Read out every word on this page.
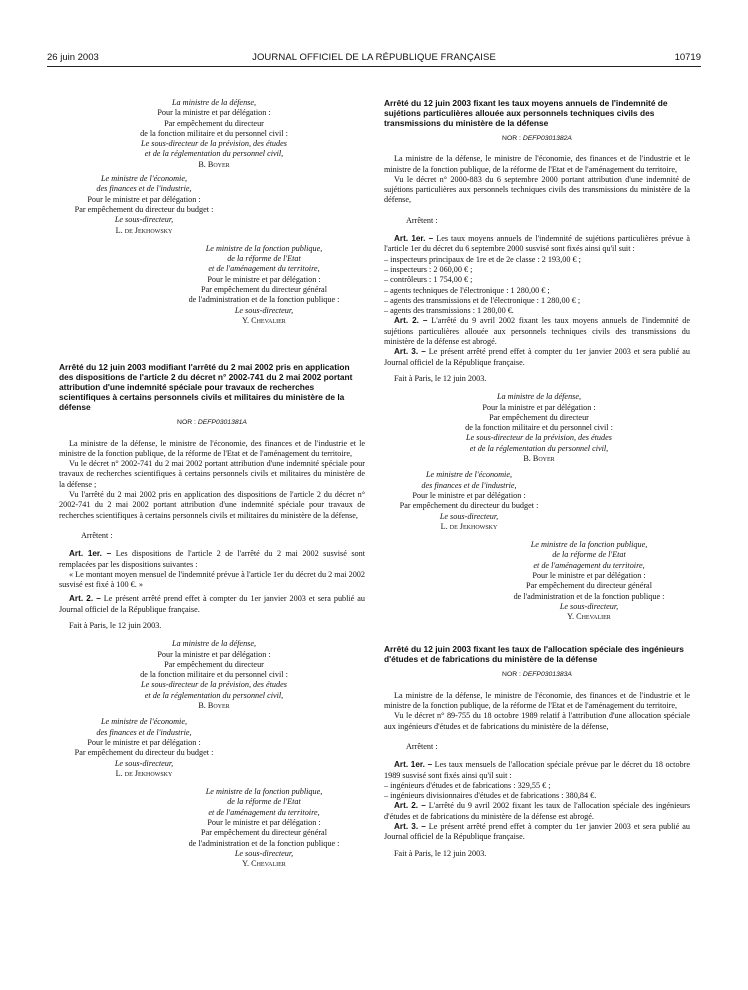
26 juin 2003	JOURNAL OFFICIEL DE LA RÉPUBLIQUE FRANÇAISE	10719

La ministre de la défense,

Pour la ministre et par délégation :

Par empêchement du directeur

de la fonction militaire et du personnel civil :

Le sous-directeur de la prévision, des études

et de la réglementation du personnel civil,

B. Boyer

Le ministre de l'économie,

des finances et de l'industrie,

Pour le ministre et par délégation :

Par empêchement du directeur du budget :

Le sous-directeur,

L. de Jekhowsky

Le ministre de la fonction publique,

de la réforme de l'Etat

et de l'aménagement du territoire,

Pour le ministre et par délégation :

Par empêchement du directeur général

de l'administration et de la fonction publique :

Le sous-directeur,

Y. Chevalier

Arrêté du 12 juin 2003 modifiant l'arrêté du 2 mai 2002 pris en application des dispositions de l'article 2 du décret n° 2002-741 du 2 mai 2002 portant attribution d'une indemnité spéciale pour travaux de recherches scientifiques à certains personnels civils et militaires du ministère de la défense

NOR : DEFP0301381A

La ministre de la défense, le ministre de l'économie, des finances et de l'industrie et le ministre de la fonction publique, de la réforme de l'Etat et de l'aménagement du territoire,

Vu le décret n° 2002-741 du 2 mai 2002 portant attribution d'une indemnité spéciale pour travaux de recherches scientifiques à certains personnels civils et militaires du ministère de la défense ;

Vu l'arrêté du 2 mai 2002 pris en application des dispositions de l'article 2 du décret n° 2002-741 du 2 mai 2002 portant attribution d'une indemnité spéciale pour travaux de recherches scientifiques à certains personnels civils et militaires du ministère de la défense,

Arrêtent :

Art. 1er. – Les dispositions de l'article 2 de l'arrêté du 2 mai 2002 susvisé sont remplacées par les dispositions suivantes :

« Le montant moyen mensuel de l'indemnité prévue à l'article 1er du décret du 2 mai 2002 susvisé est fixé à 100 €. »

Art. 2. – Le présent arrêté prend effet à compter du 1er janvier 2003 et sera publié au Journal officiel de la République française.

Fait à Paris, le 12 juin 2003.

La ministre de la défense,

Pour la ministre et par délégation :

Par empêchement du directeur

de la fonction militaire et du personnel civil :

Le sous-directeur de la prévision, des études

et de la réglementation du personnel civil,

B. Boyer

Le ministre de l'économie,

des finances et de l'industrie,

Pour le ministre et par délégation :

Par empêchement du directeur du budget :

Le sous-directeur,

L. de Jekhowsky

Le ministre de la fonction publique,

de la réforme de l'Etat

et de l'aménagement du territoire,

Pour le ministre et par délégation :

Par empêchement du directeur général

de l'administration et de la fonction publique :

Le sous-directeur,

Y. Chevalier

Arrêté du 12 juin 2003 fixant les taux moyens annuels de l'indemnité de sujétions particulières allouée aux personnels techniques civils des transmissions du ministère de la défense

NOR : DEFP0301382A

La ministre de la défense, le ministre de l'économie, des finances et de l'industrie et le ministre de la fonction publique, de la réforme de l'Etat et de l'aménagement du territoire,

Vu le décret n° 2000-883 du 6 septembre 2000 portant attribution d'une indemnité de sujétions particulières aux personnels techniques civils des transmissions du ministère de la défense,

Arrêtent :

Art. 1er. – Les taux moyens annuels de l'indemnité de sujétions particulières prévue à l'article 1er du décret du 6 septembre 2000 susvisé sont fixés ainsi qu'il suit :

– inspecteurs principaux de 1re et de 2e classe : 2 193,00 € ;

– inspecteurs : 2 060,00 € ;

– contrôleurs : 1 754,00 € ;

– agents techniques de l'électronique : 1 280,00 € ;

– agents des transmissions et de l'électronique : 1 280,00 € ;

– agents des transmissions : 1 280,00 €.

Art. 2. – L'arrêté du 9 avril 2002 fixant les taux moyens annuels de l'indemnité de sujétions particulières allouée aux personnels techniques civils des transmissions du ministère de la défense est abrogé.

Art. 3. – Le présent arrêté prend effet à compter du 1er janvier 2003 et sera publié au Journal officiel de la République française.

Fait à Paris, le 12 juin 2003.

La ministre de la défense,

Pour la ministre et par délégation :

Par empêchement du directeur

de la fonction militaire et du personnel civil :

Le sous-directeur de la prévision, des études

et de la réglementation du personnel civil,

B. Boyer

Le ministre de l'économie,

des finances et de l'industrie,

Pour le ministre et par délégation :

Par empêchement du directeur du budget :

Le sous-directeur,

L. de Jekhowsky

Le ministre de la fonction publique,

de la réforme de l'Etat

et de l'aménagement du territoire,

Pour le ministre et par délégation :

Par empêchement du directeur général

de l'administration et de la fonction publique :

Le sous-directeur,

Y. Chevalier

Arrêté du 12 juin 2003 fixant les taux de l'allocation spéciale des ingénieurs d'études et de fabrications du ministère de la défense

NOR : DEFP0301383A

La ministre de la défense, le ministre de l'économie, des finances et de l'industrie et le ministre de la fonction publique, de la réforme de l'Etat et de l'aménagement du territoire,

Vu le décret n° 89-755 du 18 octobre 1989 relatif à l'attribution d'une allocation spéciale aux ingénieurs d'études et de fabrications du ministère de la défense,

Arrêtent :

Art. 1er. – Les taux mensuels de l'allocation spéciale prévue par le décret du 18 octobre 1989 susvisé sont fixés ainsi qu'il suit :

– ingénieurs d'études et de fabrications : 329,55 € ;

– ingénieurs divisionnaires d'études et de fabrications : 380,84 €.

Art. 2. – L'arrêté du 9 avril 2002 fixant les taux de l'allocation spéciale des ingénieurs d'études et de fabrications du ministère de la défense est abrogé.

Art. 3. – Le présent arrêté prend effet à compter du 1er janvier 2003 et sera publié au Journal officiel de la République française.

Fait à Paris, le 12 juin 2003.
